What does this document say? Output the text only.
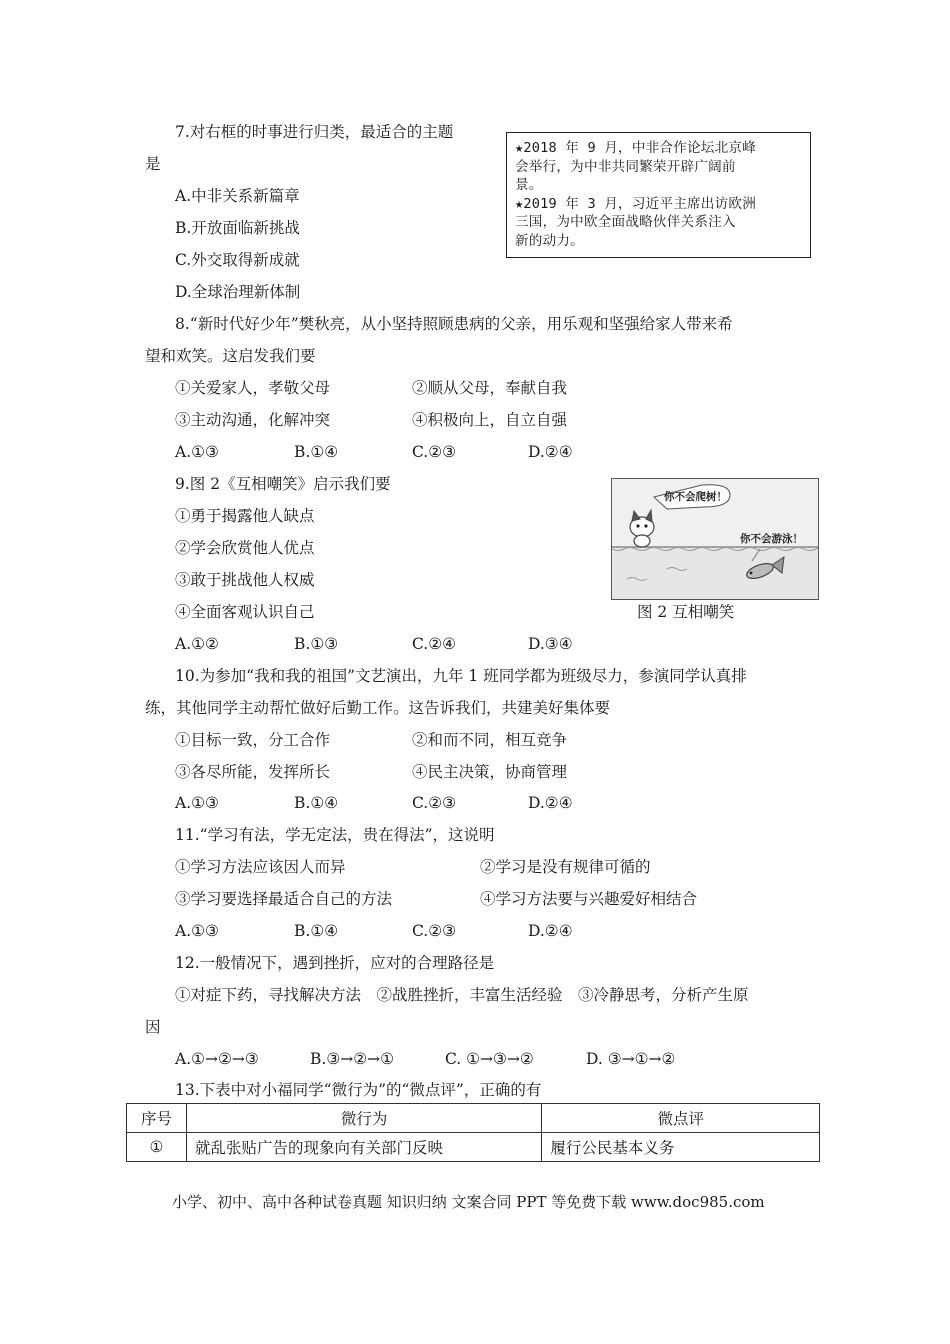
7.对右框的时事进行归类，最适合的主题
是
A.中非关系新篇章
B.开放面临新挑战
C.外交取得新成就
D.全球治理新体制

★2018 年 9 月，中非合作论坛北京峰

会举行，为中非共同繁荣开辟广阔前

景。

★2019 年 3 月，习近平主席出访欧洲

三国，为中欧全面战略伙伴关系注入

新的动力。

8.“新时代好少年”樊秋亮，从小坚持照顾患病的父亲，用乐观和坚强给家人带来希
望和欢笑。这启发我们要
①关爱家人，孝敬父母	②顺从父母，奉献自我
③主动沟通，化解冲突	④积极向上，自立自强
A.①③	B.①④	C.②③	D.②④
9.图 2《互相嘲笑》启示我们要
①勇于揭露他人缺点
②学会欣赏他人优点
③敢于挑战他人权威
④全面客观认识自己
A.①②	B.①③	C.②④	D.③④
你不会爬树！
你不会游泳！
图 2 互相嘲笑
10.为参加“我和我的祖国”文艺演出，九年 1 班同学都为班级尽力，参演同学认真排
练，其他同学主动帮忙做好后勤工作。这告诉我们，共建美好集体要
①目标一致，分工合作	②和而不同，相互竞争
③各尽所能，发挥所长	④民主决策，协商管理
A.①③	B.①④	C.②③	D.②④
11.“学习有法，学无定法，贵在得法”，这说明
①学习方法应该因人而异	②学习是没有规律可循的
③学习要选择最适合自己的方法	④学习方法要与兴趣爱好相结合
A.①③	B.①④	C.②③	D.②④
12.一般情况下，遇到挫折，应对的合理路径是
①对症下药，寻找解决方法　②战胜挫折，丰富生活经验　③冷静思考，分析产生原
因
A.①→②→③	B.③→②→①	C. ①→③→②	D. ③→①→②
13.下表中对小福同学“微行为”的“微点评”，正确的有
序号	微行为	微点评
①	就乱张贴广告的现象向有关部门反映	履行公民基本义务
小学、初中、高中各种试卷真题 知识归纳 文案合同 PPT 等免费下载 www.doc985.com
